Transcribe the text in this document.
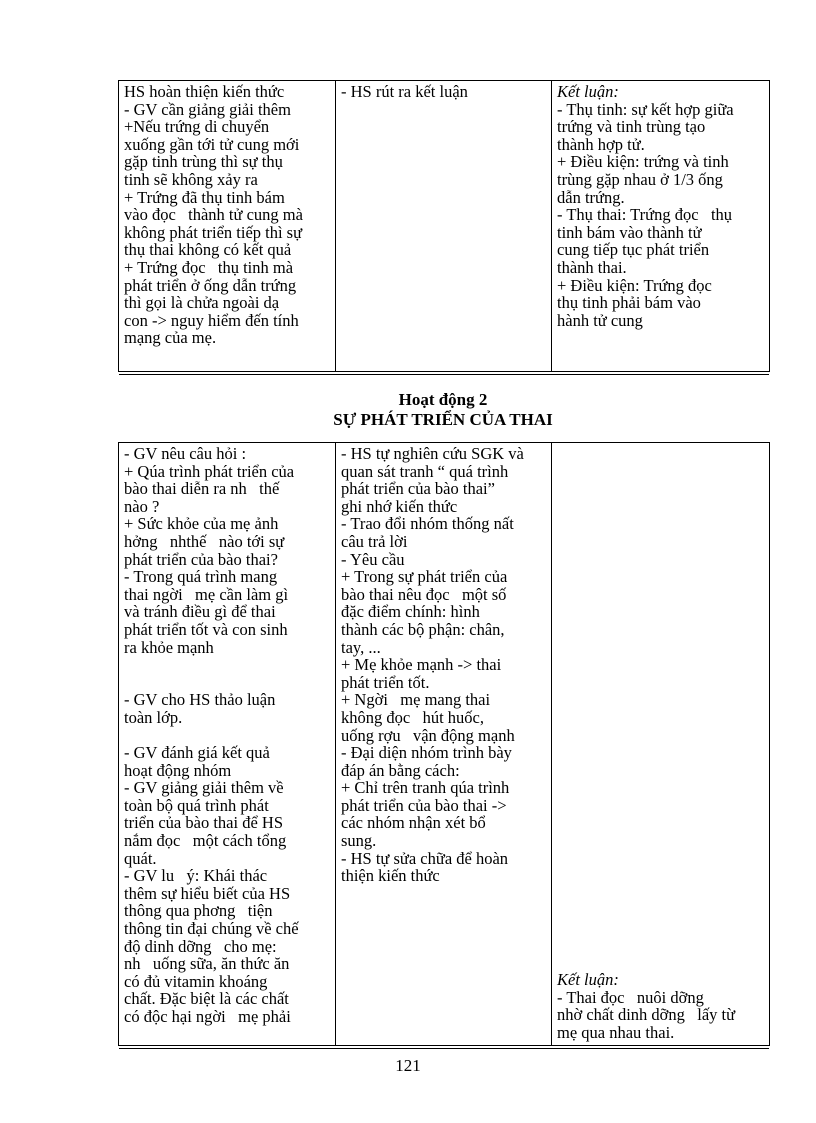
HS hoàn thiện kiến thức
- GV cần giảng giải thêm
+Nếu trứng di chuyển
xuống gần tới tử cung mới
gặp tinh trùng thì sự thụ
tinh sẽ không xảy ra
+ Trứng đã thụ tinh bám
vào đọc   thành tử cung mà
không phát triển tiếp thì sự
thụ thai không có kết quả
+ Trứng đọc   thụ tinh mà
phát triển ở ống dẫn trứng
thì gọi là chửa ngoài dạ
con -> nguy hiểm đến tính
mạng của mẹ.
- HS rút ra kết luận	Kết luận:
- Thụ tinh: sự kết hợp giữa
trứng và tinh trùng tạo
thành hợp tử.
+ Điều kiện: trứng và tinh
trùng gặp nhau ở 1/3 ống
dẫn trứng.
- Thụ thai: Trứng đọc   thụ
tinh bám vào thành tử
cung tiếp tục phát triển
thành thai.
+ Điều kiện: Trứng đọc
thụ tinh phải bám vào
hành tử cung
Hoạt động 2
SỰ PHÁT TRIỂN CỦA THAI
- GV nêu câu hỏi :
+ Qúa trình phát triển của
bào thai diễn ra nh   thế
nào ?
+ Sức khỏe của mẹ ảnh
hởng   nhthế   nào tới sự
phát triển của bào thai?
- Trong quá trình mang
thai ngời   mẹ cần làm gì
và tránh điều gì để thai
phát triển tốt và con sinh
ra khỏe mạnh
- GV cho HS thảo luận
toàn lớp.
- GV đánh giá kết quả
hoạt động nhóm
- GV giảng giải thêm về
toàn bộ quá trình phát
triển của bào thai để HS
nắm đọc   một cách tổng
quát.
- GV lu   ý: Khái thác
thêm sự hiểu biết của HS
thông qua phơng   tiện
thông tin đại chúng về chế
độ dinh dỡng   cho mẹ:
nh   uống sữa, ăn thức ăn
có đủ vitamin khoáng
chất. Đặc biệt là các chất
có độc hại ngời   mẹ phải
- HS tự nghiên cứu SGK và
quan sát tranh “ quá trình
phát triển của bào thai”
ghi nhớ kiến thức
- Trao đổi nhóm thống nất
câu trả lời
- Yêu cầu
+ Trong sự phát triển của
bào thai nêu đọc   một số
đặc điểm chính: hình
thành các bộ phận: chân,
tay, ...
+ Mẹ khỏe mạnh -> thai
phát triển tốt.
+ Ngời   mẹ mang thai
không đọc   hút huốc,
uống rợu   vận động mạnh
- Đại diện nhóm trình bày
đáp án bằng cách:
+ Chỉ trên tranh qúa trình
phát triển của bào thai ->
các nhóm nhận xét bổ
sung.
- HS tự sửa chữa để hoàn
thiện kiến thức
Kết luận:
- Thai đọc   nuôi dỡng
nhờ chất dinh dỡng   lấy từ
mẹ qua nhau thai.
121
